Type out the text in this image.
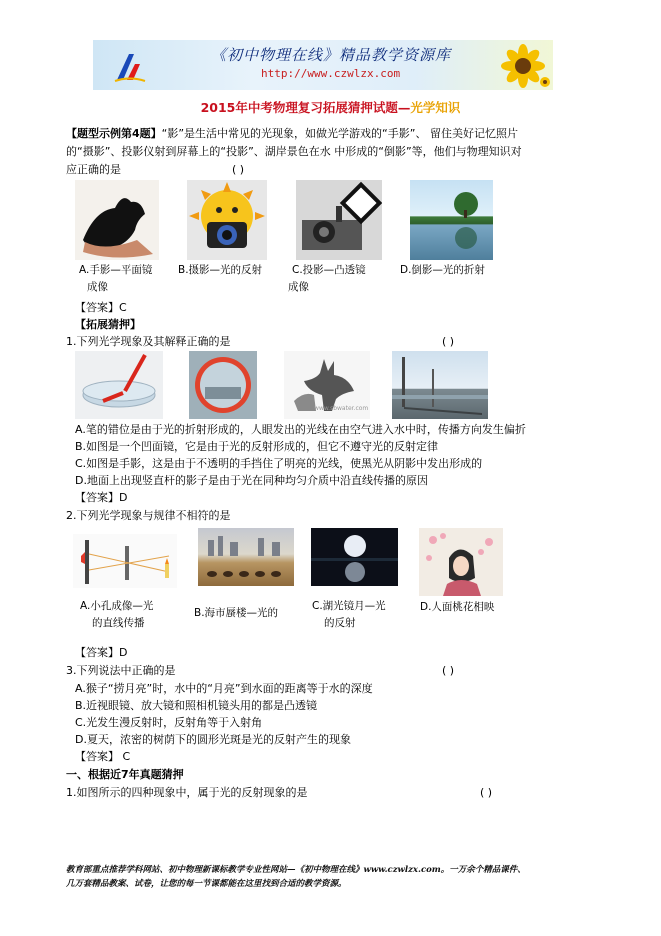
《初中物理在线》精品教学资源库
http://www.czwlzx.com
2015年中考物理复习拓展猜押试题—光学知识
【题型示例第4题】“影”是生活中常见的光现象，如做光学游戏的“手影”、 留住美好记忆照片
的“摄影”、投影仪射到屏幕上的“投影”、湖岸景色在水 中形成的“倒影”等，他们与物理知识对
应正确的是	( )
A.手影—平面镜
成像
B.摄影—光的反射	C.投影—凸透镜
成像
D.倒影—光的折射
【答案】C
【拓展猜押】
1.下列光学现象及其解释正确的是	( )
www.sbwater.com
A.笔的错位是由于光的折射形成的，人眼发出的光线在由空气进入水中时，传播方向发生偏折
B.如图是一个凹面镜，它是由于光的反射形成的，但它不遵守光的反射定律
C.如图是手影，这是由于不透明的手挡住了明亮的光线，使黑光从阴影中发出形成的
D.地面上出现竖直杆的影子是由于光在同种均匀介质中沿直线传播的原因
【答案】D
2.下列光学现象与规律不相符的是
A.小孔成像—光
的直线传播
B.海市蜃楼—光的
C.湖光镜月—光
的反射
D.人面桃花相映
【答案】D
3.下列说法中正确的是	( )
A.猴子“捞月亮”时，水中的“月亮”到水面的距离等于水的深度
B.近视眼镜、放大镜和照相机镜头用的都是凸透镜
C.光发生漫反射时，反射角等于入射角
D.夏天，浓密的树荫下的圆形光斑是光的反射产生的现象
【答案】 C
一、根据近7年真题猜押
1.如图所示的四种现象中，属于光的反射现象的是	( )
教育部重点推荐学科网站、初中物理新课标教学专业性网站—《初中物理在线》www.czwlzx.com。一万余个精品课件、
几万套精品教案、试卷，让您的每一节课都能在这里找到合适的教学资源。
